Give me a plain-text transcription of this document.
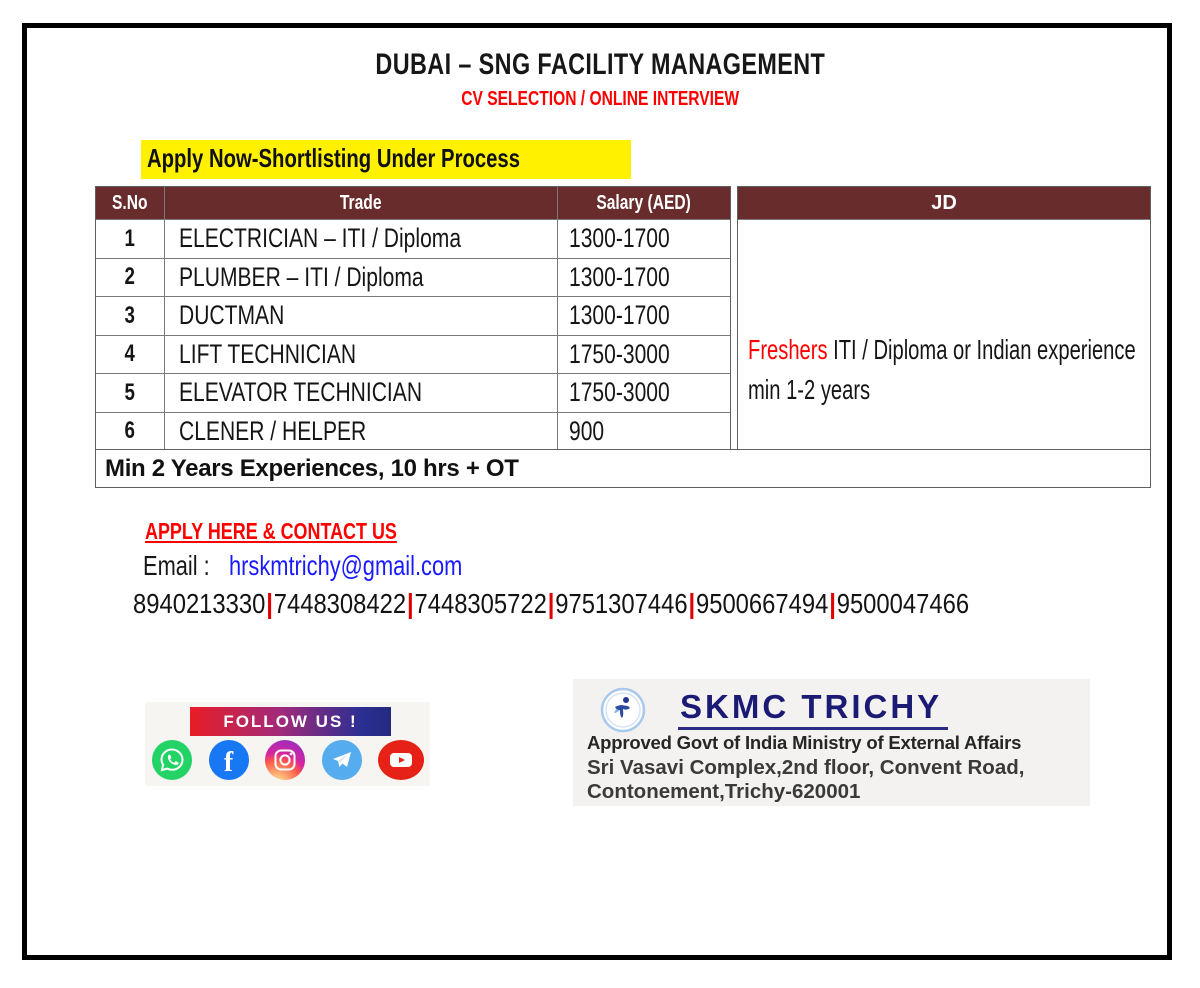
DUBAI – SNG FACILITY MANAGEMENT
CV SELECTION / ONLINE INTERVIEW
Apply Now-Shortlisting Under Process
S.No	Trade	Salary (AED)
1 ELECTRICIAN – ITI / Diploma	1300-1700
2 PLUMBER – ITI / Diploma	1300-1700
3 DUCTMAN	1300-1700
4 LIFT TECHNICIAN	1750-3000
5 ELEVATOR TECHNICIAN	1750-3000
6 CLENER / HELPER	900
JD
Freshers ITI / Diploma or Indian experience min 1-2 years
Min 2 Years Experiences, 10 hrs + OT
APPLY HERE & CONTACT US
Email :hrskmtrichy@gmail.com
8940213330|7448308422|7448305722|9751307446|9500667494|9500047466
FOLLOW US !
f
SKMC TRICHY
Approved Govt of India Ministry of External Affairs
Sri Vasavi Complex,2nd floor, Convent Road,
Contonement,Trichy-620001
